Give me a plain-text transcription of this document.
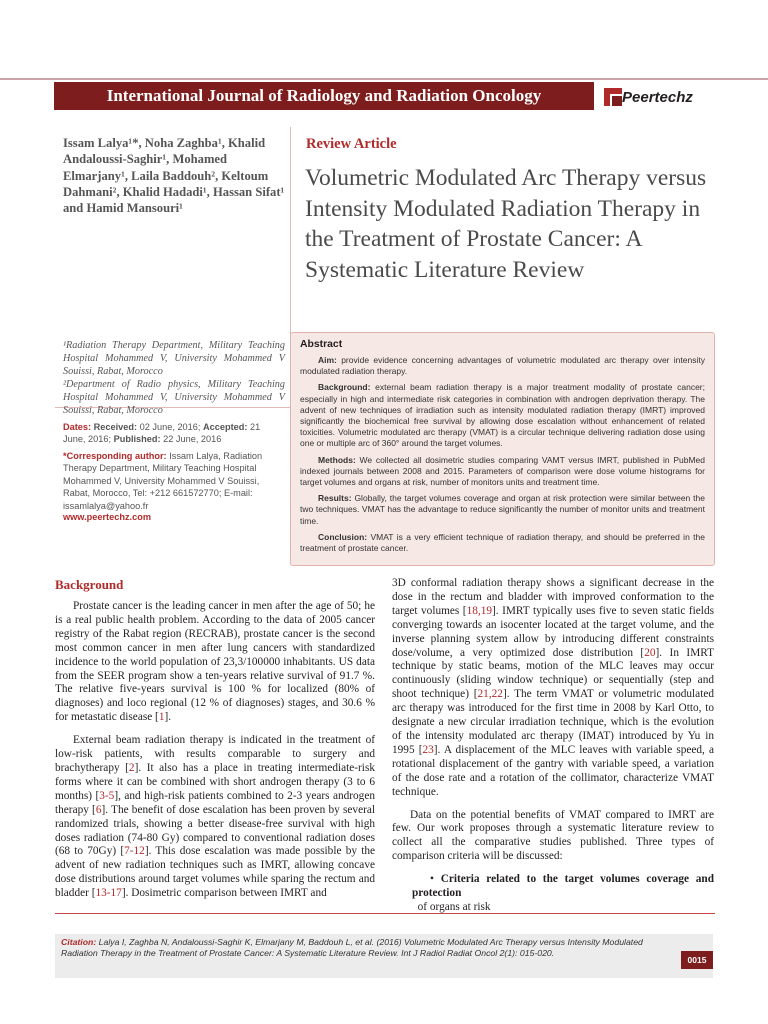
International Journal of Radiology and Radiation Oncology	Peertechz
Issam Lalya¹*, Noha Zaghba¹, Khalid Andaloussi-Saghir¹, Mohamed Elmarjany¹, Laila Baddouh², Keltoum Dahmani², Khalid Hadadi¹, Hassan Sifat¹ and Hamid Mansouri¹
¹Radiation Therapy Department, Military Teaching Hospital Mohammed V, University Mohammed V Souissi, Rabat, Morocco
²Department of Radio physics, Military Teaching Hospital Mohammed V, University Mohammed V Souissi, Rabat, Morocco
Dates: Received: 02 June, 2016; Accepted: 21 June, 2016; Published: 22 June, 2016
*Corresponding author: Issam Lalya, Radiation Therapy Department, Military Teaching Hospital Mohammed V, University Mohammed V Souissi, Rabat, Morocco, Tel: +212 661572770; E-mail: issamlalya@yahoo.fr
www.peertechz.com
Review Article
Volumetric Modulated Arc Therapy versus Intensity Modulated Radiation Therapy in the Treatment of Prostate Cancer: A Systematic Literature Review
Abstract

Aim: provide evidence concerning advantages of volumetric modulated arc therapy over intensity modulated radiation therapy.

Background: external beam radiation therapy is a major treatment modality of prostate cancer; especially in high and intermediate risk categories in combination with androgen deprivation therapy. The advent of new techniques of irradiation such as intensity modulated radiation therapy (IMRT) improved significantly the biochemical free survival by allowing dose escalation without enhancement of related toxicities. Volumetric modulated arc therapy (VMAT) is a circular technique delivering radiation dose using one or multiple arc of 360° around the target volumes.

Methods: We collected all dosimetric studies comparing VAMT versus IMRT, published in PubMed indexed journals between 2008 and 2015. Parameters of comparison were dose volume histograms for target volumes and organs at risk, number of monitors units and treatment time.

Results: Globally, the target volumes coverage and organ at risk protection were similar between the two techniques. VMAT has the advantage to reduce significantly the number of monitor units and treatment time.

Conclusion: VMAT is a very efficient technique of radiation therapy, and should be preferred in the treatment of prostate cancer.

Background

Prostate cancer is the leading cancer in men after the age of 50; he is a real public health problem. According to the data of 2005 cancer registry of the Rabat region (RECRAB), prostate cancer is the second most common cancer in men after lung cancers with standardized incidence to the world population of 23,3/100000 inhabitants. US data from the SEER program show a ten-years relative survival of 91.7 %. The relative five-years survival is 100 % for localized (80% of diagnoses) and loco regional (12 % of diagnoses) stages, and 30.6 % for metastatic disease [1].

External beam radiation therapy is indicated in the treatment of low-risk patients, with results comparable to surgery and brachytherapy [2]. It also has a place in treating intermediate-risk forms where it can be combined with short androgen therapy (3 to 6 months) [3-5], and high-risk patients combined to 2-3 years androgen therapy [6]. The benefit of dose escalation has been proven by several randomized trials, showing a better disease-free survival with high doses radiation (74-80 Gy) compared to conventional radiation doses (68 to 70Gy) [7-12]. This dose escalation was made possible by the advent of new radiation techniques such as IMRT, allowing concave dose distributions around target volumes while sparing the rectum and bladder [13-17]. Dosimetric comparison between IMRT and

3D conformal radiation therapy shows a significant decrease in the dose in the rectum and bladder with improved conformation to the target volumes [18,19]. IMRT typically uses five to seven static fields converging towards an isocenter located at the target volume, and the inverse planning system allow by introducing different constraints dose/volume, a very optimized dose distribution [20]. In IMRT technique by static beams, motion of the MLC leaves may occur continuously (sliding window technique) or sequentially (step and shoot technique) [21,22]. The term VMAT or volumetric modulated arc therapy was introduced for the first time in 2008 by Karl Otto, to designate a new circular irradiation technique, which is the evolution of the intensity modulated arc therapy (IMAT) introduced by Yu in 1995 [23]. A displacement of the MLC leaves with variable speed, a rotational displacement of the gantry with variable speed, a variation of the dose rate and a rotation of the collimator, characterize VMAT technique.

Data on the potential benefits of VMAT compared to IMRT are few. Our work proposes through a systematic literature review to collect all the comparative studies published. Three types of comparison criteria will be discussed:

• Criteria related to the target volumes coverage and protection
of organs at risk

Citation: Lalya I, Zaghba N, Andaloussi-Saghir K, Elmarjany M, Baddouh L, et al. (2016) Volumetric Modulated Arc Therapy versus Intensity Modulated Radiation Therapy in the Treatment of Prostate Cancer: A Systematic Literature Review. Int J Radiol Radiat Oncol 2(1): 015-020.
0015
